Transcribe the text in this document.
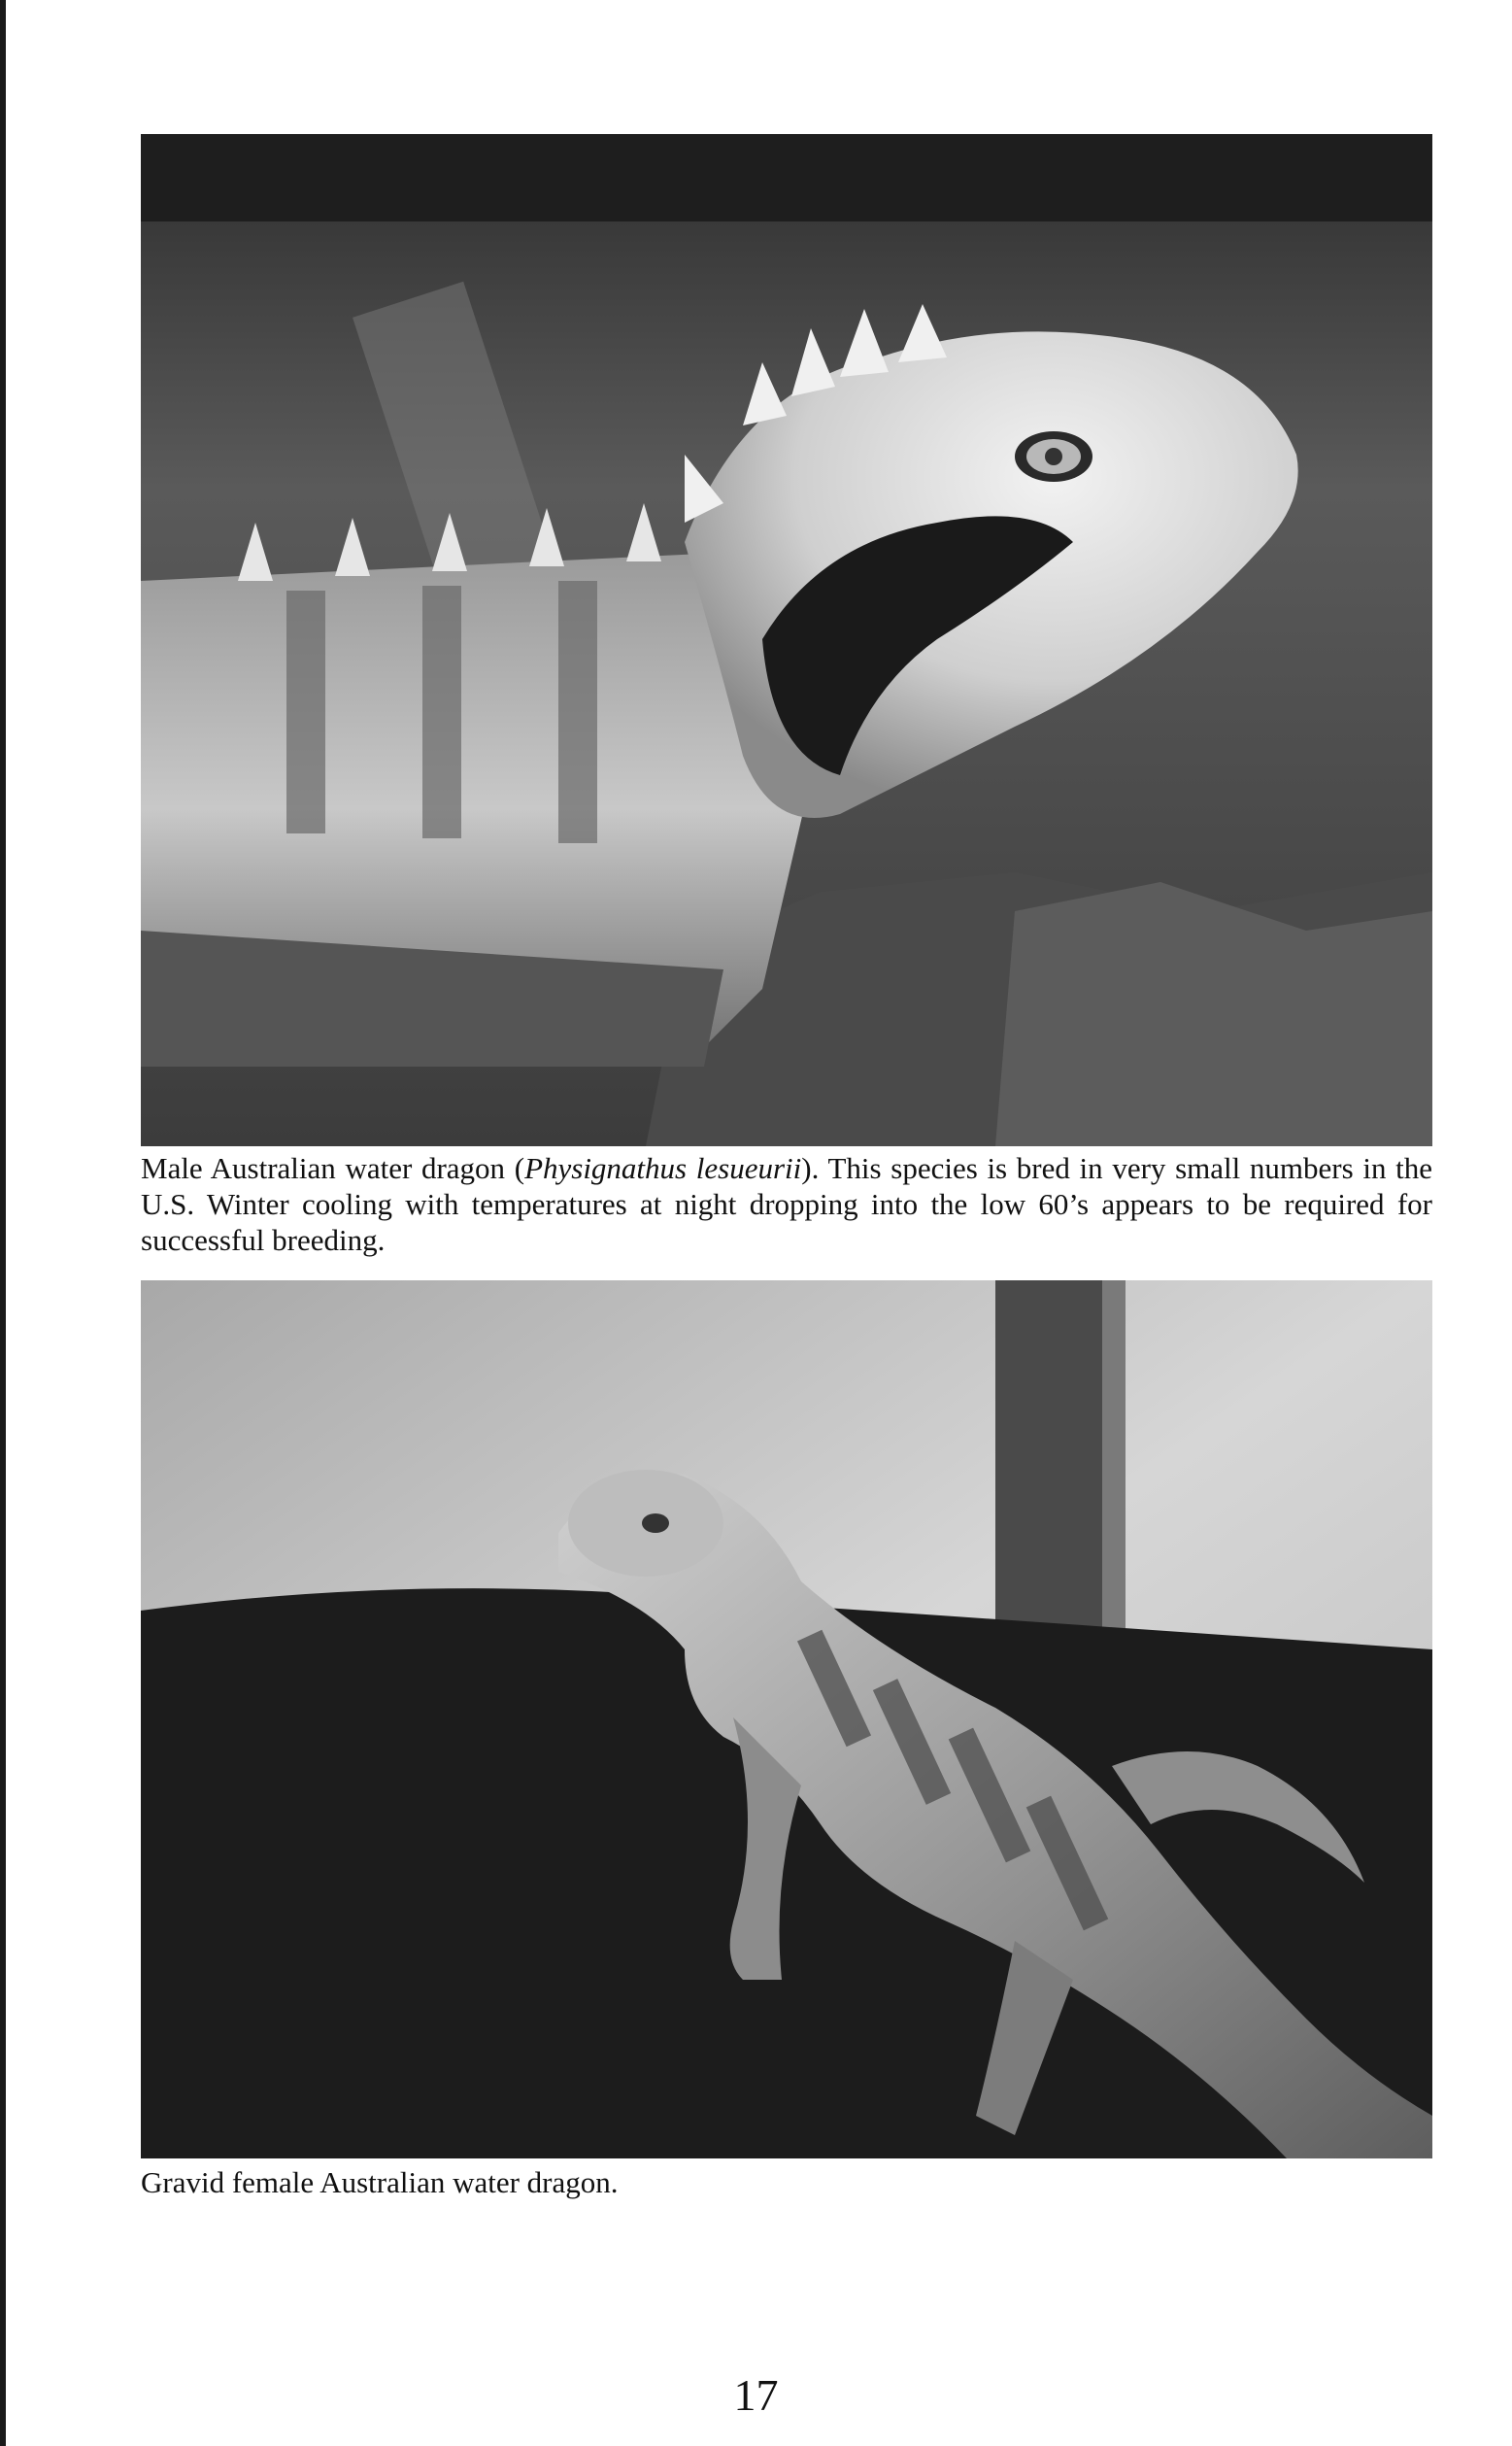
Male Australian water dragon (Physignathus lesueurii). This species is bred in very small numbers in the U.S. Winter cooling with temperatures at night dropping into the low 60’s appears to be required for successful breeding.

Gravid female Australian water dragon.

17
